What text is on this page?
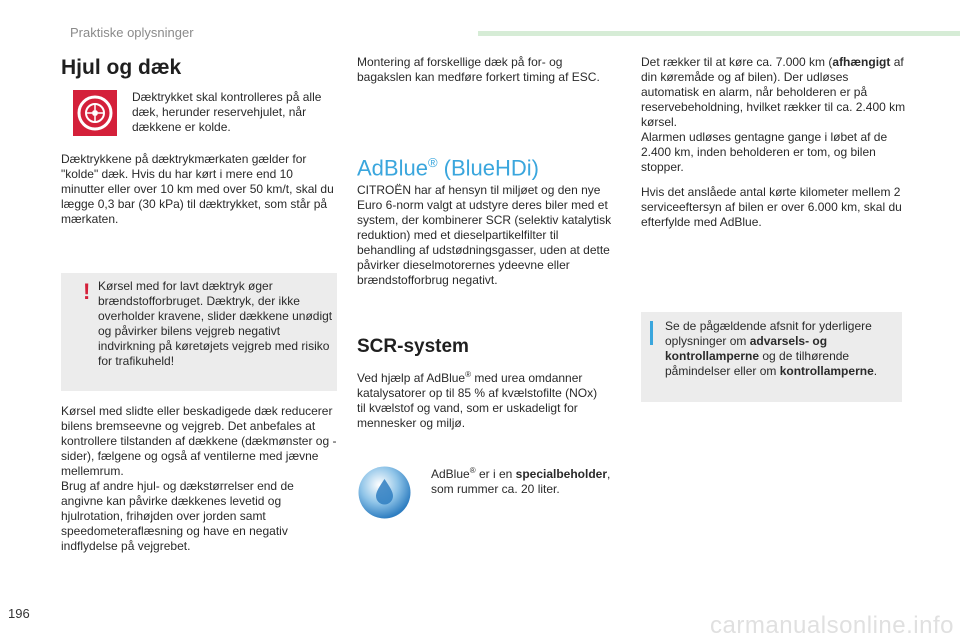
Praktiske oplysninger
Hjul og dæk

Dæktrykket skal kontrolleres på alle dæk, herunder reservehjulet, når dækkene er kolde.

Dæktrykkene på dæktrykmærkaten gælder for "kolde" dæk. Hvis du har kørt i mere end 10 minutter eller over 10 km med over 50 km/t, skal du lægge 0,3 bar (30 kPa) til dæktrykket, som står på mærkaten.

! Kørsel med for lavt dæktryk øger brændstofforbruget. Dæktryk, der ikke overholder kravene, slider dækkene unødigt og påvirker bilens vejgreb negativt indvirkning på køretøjets vejgreb med risiko for trafikuheld!

Kørsel med slidte eller beskadigede dæk reducerer bilens bremseevne og vejgreb. Det anbefales at kontrollere tilstanden af dækkene (dækmønster og -sider), fælgene og også af ventilerne med jævne mellemrum.

Brug af andre hjul- og dækstørrelser end de angivne kan påvirke dækkenes levetid og hjulrotation, frihøjden over jorden samt speedometeraflæsning og have en negativ indflydelse på vejgrebet.

Montering af forskellige dæk på for- og bagakslen kan medføre forkert timing af ESC.

AdBlue® (BlueHDi)

CITROËN har af hensyn til miljøet og den nye Euro 6-norm valgt at udstyre deres biler med et system, der kombinerer SCR (selektiv katalytisk reduktion) med et dieselpartikelfilter til behandling af udstødningsgasser, uden at dette påvirker dieselmotorernes ydeevne eller brændstofforbrug negativt.

SCR-system

Ved hjælp af AdBlue® med urea omdanner katalysatorer op til 85 % af kvælstofilte (NOx) til kvælstof og vand, som er uskadeligt for mennesker og miljø.

AdBlue® er i en specialbeholder, som rummer ca. 20 liter.

Det rækker til at køre ca. 7.000 km (afhængigt af din køremåde og af bilen). Der udløses automatisk en alarm, når beholderen er på reservebeholdning, hvilket rækker til ca. 2.400 km kørsel.
Alarmen udløses gentagne gange i løbet af de 2.400 km, inden beholderen er tom, og bilen stopper.

Hvis det anslåede antal kørte kilometer mellem 2 serviceeftersyn af bilen er over 6.000 km, skal du efterfylde med AdBlue.

Se de pågældende afsnit for yderligere oplysninger om advarsels- og kontrollamperne og de tilhørende påmindelser eller om kontrollamperne.

196	carmanualsonline.info
